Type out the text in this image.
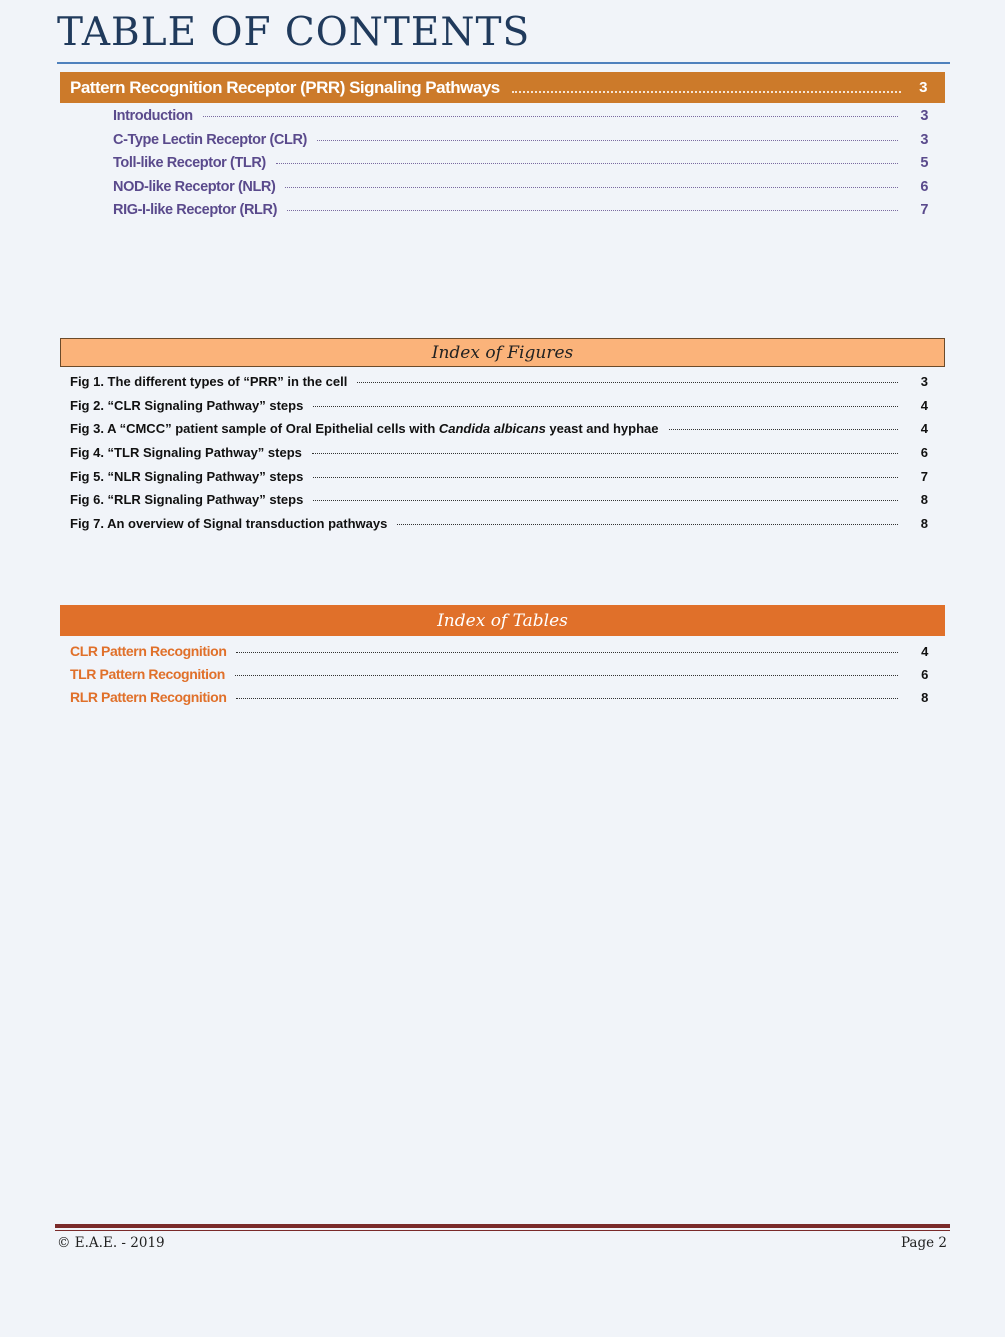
TABLE OF CONTENTS
Pattern Recognition Receptor (PRR) Signaling Pathways	3
Introduction	3
C-Type Lectin Receptor (CLR)	3
Toll-like Receptor (TLR)	5
NOD-like Receptor (NLR)	6
RIG-I-like Receptor (RLR)	7
Index of Figures
Fig 1. The different types of “PRR” in the cell	3
Fig 2. “CLR Signaling Pathway” steps	4
Fig 3. A “CMCC” patient sample of Oral Epithelial cells with Candida albicans yeast and hyphae	4
Fig 4. “TLR Signaling Pathway” steps	6
Fig 5. “NLR Signaling Pathway” steps	7
Fig 6. “RLR Signaling Pathway” steps	8
Fig 7. An overview of Signal transduction pathways	8
Index of Tables
CLR Pattern Recognition	4
TLR Pattern Recognition	6
RLR Pattern Recognition	8
© E.A.E. - 2019	Page 2
